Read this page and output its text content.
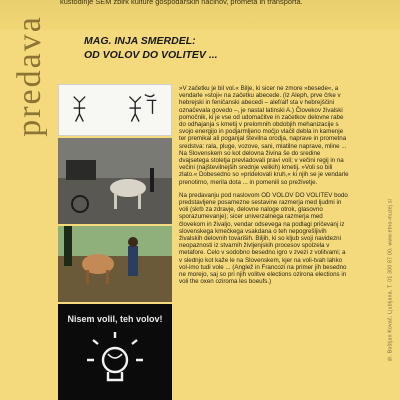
kustodinje SEM zbirk kulture gospodarskih načinov, prometa in transporta.
predava	MAG. INJA SMERDEL:
OD VOLOV DO VOLITEV ...
Nisem volil, teh volov!

»V začetku je bil vol.« Bilje, ki sicer ne zmore »besede«, a vendarle »stoji« na začetku abecede. (Iz Aleph, prve črke v hebrejski in feničanski abecedi – alef/alf sta v hebrejščini označevala govedo –, je nastal latinski A.) Človekov živalski pomočnik, ki je vse od udomačitve in začetkov delovne rabe do odhajanja s kmetij v prelomnih obdobjih mehanizacije s svojo energijo in podjarmljeno močjo vlačil debla in kamenje ter premikal ali poganjal številna orodja, naprave in prometna sredstva: rala, pluge, vozove, sani, mlatilne naprave, mline ... Na Slovenskem so kot delovna živina še do sredine dvajsetega stoletja prevladovali pravi voli; v večini regij in na večini (najštevilnejših srednje velikih) kmetij. »Voli so bili zlato.« Dobesedno so »pridelovali kruh,« ki njih se je vendarle prenotirno, merila dota ... in pomenili so preživetje.

Na predavanju pod naslovom OD VOLOV DO VOLITEV bodo predstavljene posamezne sestavine razmerja med ljudmi in voli (skrb za zdravje, delovne naloge otrok, glasovno sporazumevanje); sicer univerzalnega razmerja med človekom in živaljo, vendar odsevega na podlagi pričevanj iz slovenskega kmečkega vsakdana o teh nepogrešljivih živalskih delovnih tovariših. Biljih, ki so kljub svoji navidezni neopaznosti iz stvarnih življenjskih procesov spolzela v metafore. Celo v sodobno besedno igro v zvezi z volitvami; a v slednjo kot kaže le na Slovenskem, kjer na voli-tvah lahko vol-imo tudi vole ... (Anglež in Francozi na primer jih besedno ne morejo, saj so pri njih volitve elections ozirona elections in voli the oxen oziroma les boeufs.)	dr. Boštjan Kovač, Ljubljana, T. 01 300 87 00, www.etno-muzej.si
